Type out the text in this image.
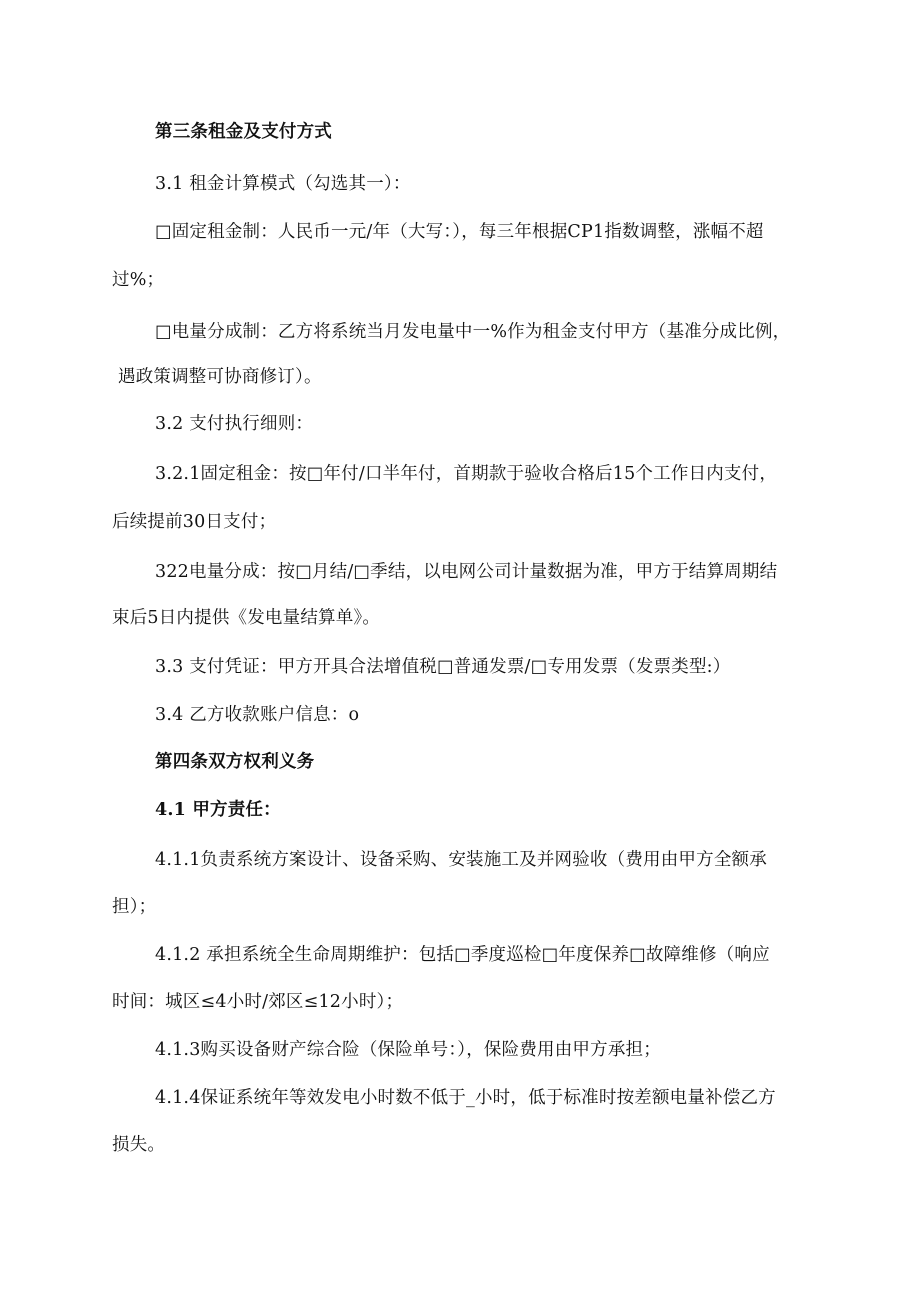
第三条租金及支付方式
3.1 租金计算模式（勾选其一）：
□固定租金制：人民币一元/年（大写：），每三年根据CP1指数调整，涨幅不超
过%；
□电量分成制：乙方将系统当月发电量中一%作为租金支付甲方（基准分成比例，
遇政策调整可协商修订）。
3.2 支付执行细则：
3.2.1固定租金：按□年付/口半年付，首期款于验收合格后15个工作日内支付，
后续提前30日支付；
322电量分成：按□月结/□季结，以电网公司计量数据为准，甲方于结算周期结
束后5日内提供《发电量结算单》。
3.3 支付凭证：甲方开具合法增值税□普通发票/□专用发票（发票类型:）
3.4 乙方收款账户信息：o
第四条双方权利义务
4.1 甲方责任：
4.1.1负责系统方案设计、设备采购、安装施工及并网验收（费用由甲方全额承
担）；
4.1.2 承担系统全生命周期维护：包括□季度巡检□年度保养□故障维修（响应
时间：城区≤4小时/郊区≤12小时）；
4.1.3购买设备财产综合险（保险单号：），保险费用由甲方承担；
4.1.4保证系统年等效发电小时数不低于_小时，低于标准时按差额电量补偿乙方
损失。
